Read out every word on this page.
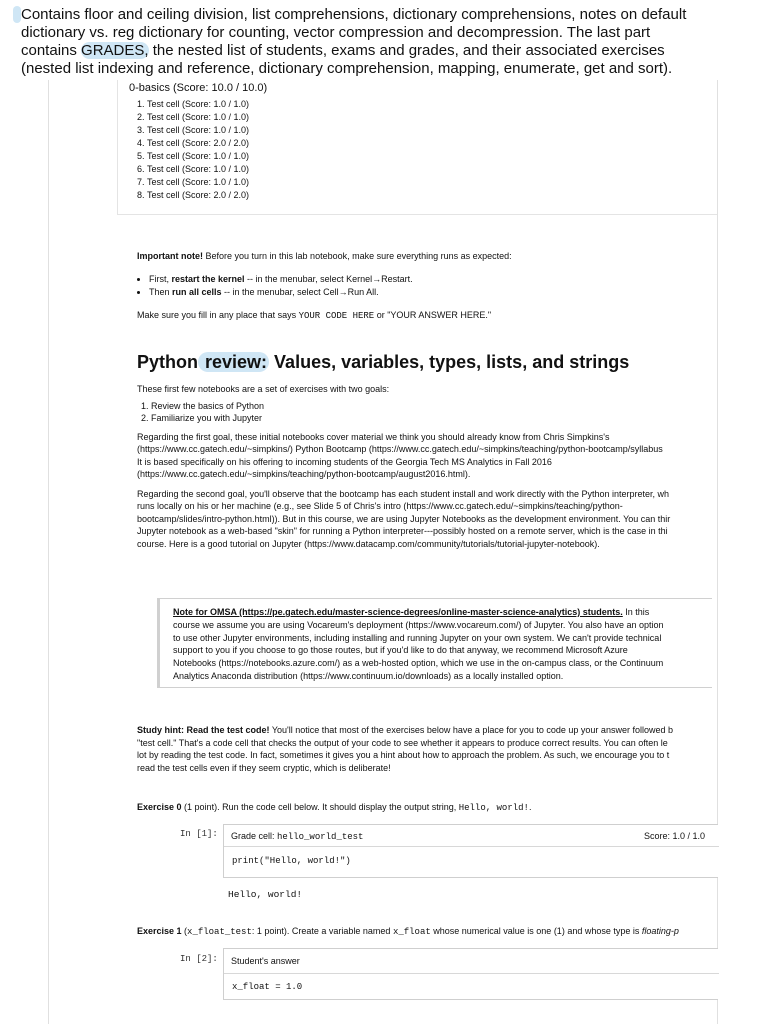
Contains floor and ceiling division, list comprehensions, dictionary comprehensions, notes on default
dictionary vs. reg dictionary for counting, vector compression and decompression. The last part
contains GRADES, the nested list of students, exams and grades, and their associated exercises
(nested list indexing and reference, dictionary comprehension, mapping, enumerate, get and sort).
0-basics (Score: 10.0 / 10.0)
1. Test cell (Score: 1.0 / 1.0)
2. Test cell (Score: 1.0 / 1.0)
3. Test cell (Score: 1.0 / 1.0)
4. Test cell (Score: 2.0 / 2.0)
5. Test cell (Score: 1.0 / 1.0)
6. Test cell (Score: 1.0 / 1.0)
7. Test cell (Score: 1.0 / 1.0)
8. Test cell (Score: 2.0 / 2.0)

Important note! Before you turn in this lab notebook, make sure everything runs as expected:

• First, restart the kernel -- in the menubar, select Kernel→Restart.
• Then run all cells -- in the menubar, select Cell→Run All.

Make sure you fill in any place that says YOUR CODE HERE or "YOUR ANSWER HERE."

Python review: Values, variables, types, lists, and strings

These first few notebooks are a set of exercises with two goals:

1. Review the basics of Python
2. Familiarize you with Jupyter
Regarding the first goal, these initial notebooks cover material we think you should already know from Chris Simpkins's
(https://www.cc.gatech.edu/~simpkins/) Python Bootcamp (https://www.cc.gatech.edu/~simpkins/teaching/python-bootcamp/syllabus
It is based specifically on his offering to incoming students of the Georgia Tech MS Analytics in Fall 2016
(https://www.cc.gatech.edu/~simpkins/teaching/python-bootcamp/august2016.html).
Regarding the second goal, you'll observe that the bootcamp has each student install and work directly with the Python interpreter, wh
runs locally on his or her machine (e.g., see Slide 5 of Chris's intro (https://www.cc.gatech.edu/~simpkins/teaching/python-
bootcamp/slides/intro-python.html)). But in this course, we are using Jupyter Notebooks as the development environment. You can thir
Jupyter notebook as a web-based "skin" for running a Python interpreter---possibly hosted on a remote server, which is the case in thi
course. Here is a good tutorial on Jupyter (https://www.datacamp.com/community/tutorials/tutorial-jupyter-notebook).
Note for OMSA (https://pe.gatech.edu/master-science-degrees/online-master-science-analytics) students. In this
course we assume you are using Vocareum's deployment (https://www.vocareum.com/) of Jupyter. You also have an option
to use other Jupyter environments, including installing and running Jupyter on your own system. We can't provide technical
support to you if you choose to go those routes, but if you'd like to do that anyway, we recommend Microsoft Azure
Notebooks (https://notebooks.azure.com/) as a web-hosted option, which we use in the on-campus class, or the Continuum
Analytics Anaconda distribution (https://www.continuum.io/downloads) as a locally installed option.
Study hint: Read the test code! You'll notice that most of the exercises below have a place for you to code up your answer followed b
"test cell." That's a code cell that checks the output of your code to see whether it appears to produce correct results. You can often le
lot by reading the test code. In fact, sometimes it gives you a hint about how to approach the problem. As such, we encourage you to t
read the test cells even if they seem cryptic, which is deliberate!
Exercise 0 (1 point). Run the code cell below. It should display the output string, Hello, world!.
In [1]: Grade cell: hello_world_test	Score: 1.0 / 1.0
print("Hello, world!")
Hello, world!
Exercise 1 (x_float_test: 1 point). Create a variable named x_float whose numerical value is one (1) and whose type is floating-p
In [2]: Student's answer
x_float = 1.0
